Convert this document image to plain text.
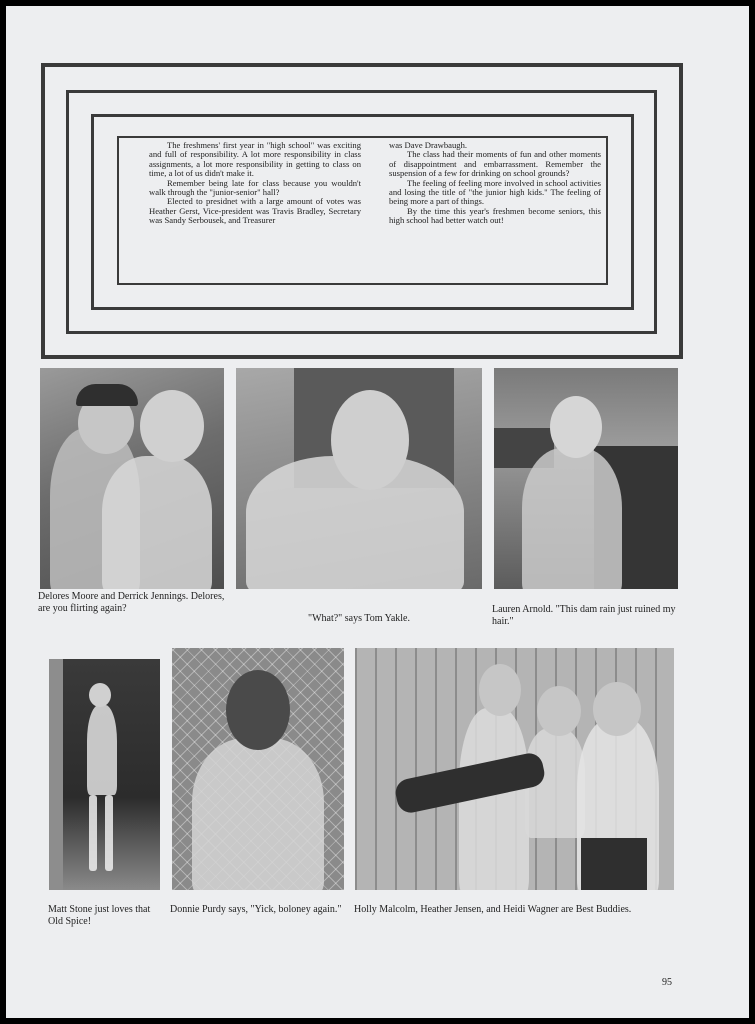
The freshmens' first year in "high school" was exciting and full of responsibility. A lot more responsibility in class assignments, a lot more responsibility in getting to class on time, a lot of us didn't make it.

Remember being late for class because you wouldn't walk through the "junior-senior" hall?

Elected to presidnet with a large amount of votes was Heather Gerst, Vice-president was Travis Bradley, Secretary was Sandy Serbousek, and Treasurer

was Dave Drawbaugh.

The class had their moments of fun and other moments of disappointment and embarrassment. Remember the suspension of a few for drinking on school grounds?

The feeling of feeling more involved in school activities and losing the title of "the junior high kids." The feeling of being more a part of things.

By the time this year's freshmen become seniors, this high school had better watch out!

Delores Moore and Derrick Jennings. Delores, are you flirting again?
"What?" says Tom Yakle.
Lauren Arnold. "This dam rain just ruined my hair."
Matt Stone just loves that Old Spice!
Donnie Purdy says, "Yick, boloney again."	Holly Malcolm, Heather Jensen, and Heidi Wagner are Best Buddies.
95
